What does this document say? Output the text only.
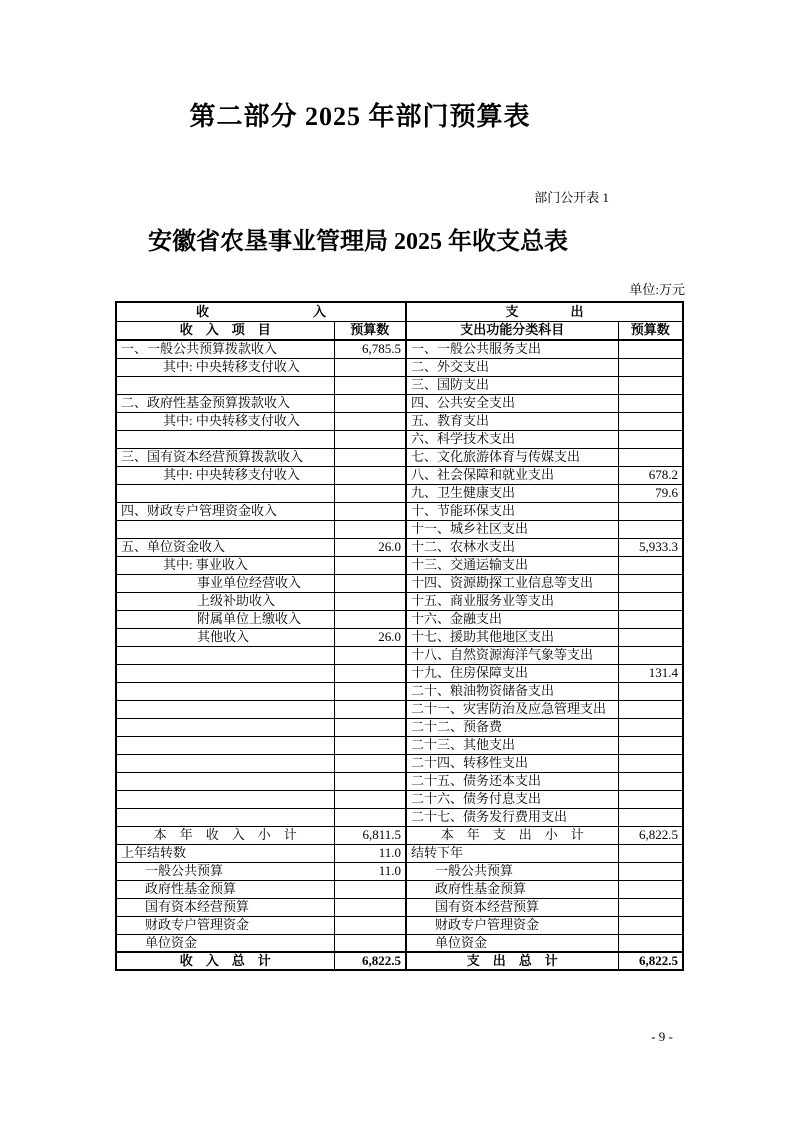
第二部分 2025 年部门预算表
部门公开表 1
安徽省农垦事业管理局 2025 年收支总表
单位:万元
收　　　　　　　　入		支　　　　出	
收　入　项　目	预算数	支出功能分类科目	预算数
一、一般公共预算拨款收入	6,785.5	一、一般公共服务支出	
其中: 中央转移支付收入		二、外交支出	
		三、国防支出	
二、政府性基金预算拨款收入		四、公共安全支出	
其中: 中央转移支付收入		五、教育支出	
		六、科学技术支出	
三、国有资本经营预算拨款收入		七、文化旅游体育与传媒支出	
其中: 中央转移支付收入		八、社会保障和就业支出	678.2
		九、卫生健康支出	79.6
四、财政专户管理资金收入		十、节能环保支出	
		十一、城乡社区支出	
五、单位资金收入	26.0	十二、农林水支出	5,933.3
其中: 事业收入		十三、交通运输支出	
事业单位经营收入		十四、资源勘探工业信息等支出	
上级补助收入		十五、商业服务业等支出	
附属单位上缴收入		十六、金融支出	
其他收入	26.0	十七、援助其他地区支出	
		十八、自然资源海洋气象等支出	
		十九、住房保障支出	131.4
		二十、粮油物资储备支出	
		二十一、灾害防治及应急管理支出	
		二十二、预备费	
		二十三、其他支出	
		二十四、转移性支出	
		二十五、债务还本支出	
		二十六、债务付息支出	
		二十七、债务发行费用支出	
本　年　收　入　小　计	6,811.5	本　年　支　出　小　计	6,822.5
上年结转数	11.0	结转下年	
一般公共预算	11.0	一般公共预算	
政府性基金预算		政府性基金预算	
国有资本经营预算		国有资本经营预算	
财政专户管理资金		财政专户管理资金	
单位资金		单位资金	
收　入　总　计	6,822.5	支　出　总　计	6,822.5
- 9 -
